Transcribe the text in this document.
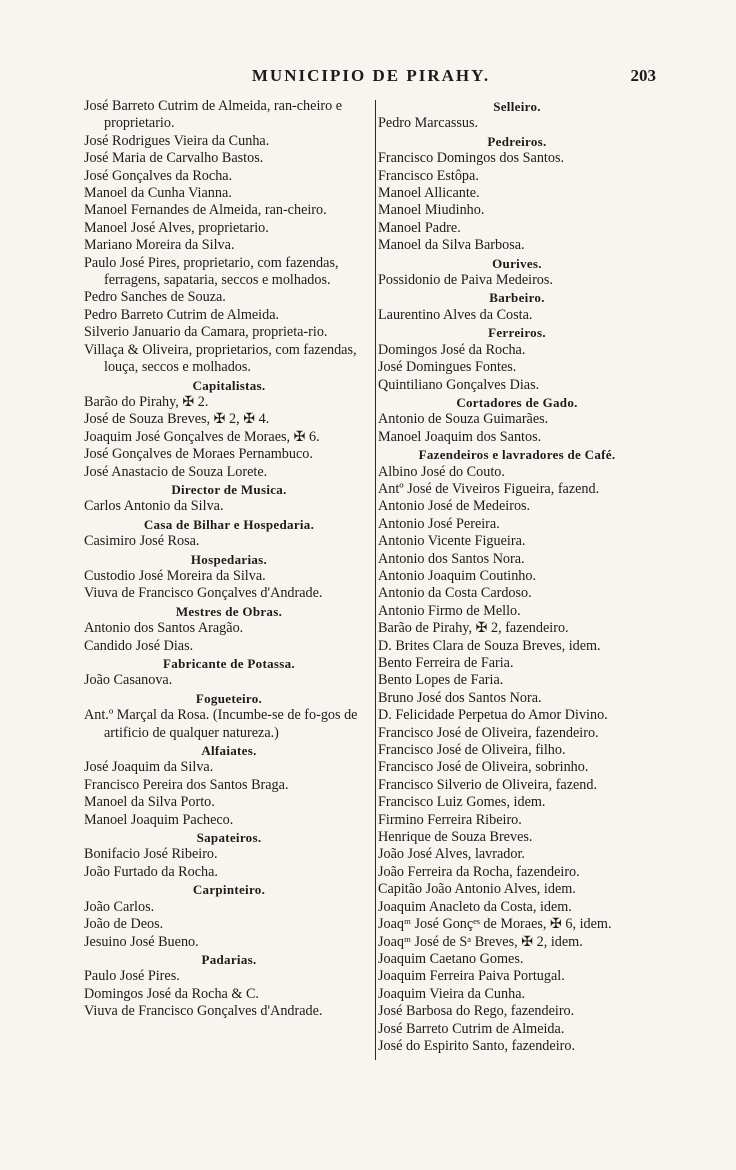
MUNICIPIO DE PIRAHY.	203
José Barreto Cutrim de Almeida, ran-cheiro e proprietario.
José Rodrigues Vieira da Cunha.
José Maria de Carvalho Bastos.
José Gonçalves da Rocha.
Manoel da Cunha Vianna.
Manoel Fernandes de Almeida, ran-cheiro.
Manoel José Alves, proprietario.
Mariano Moreira da Silva.
Paulo José Pires, proprietario, com fazendas, ferragens, sapataria, seccos e molhados.
Pedro Sanches de Souza.
Pedro Barreto Cutrim de Almeida.
Silverio Januario da Camara, proprieta-rio.
Villaça & Oliveira, proprietarios, com fazendas, louça, seccos e molhados.
Capitalistas.
Barão do Pirahy, ✠ 2.
José de Souza Breves, ✠ 2, ✠ 4.
Joaquim José Gonçalves de Moraes, ✠ 6.
José Gonçalves de Moraes Pernambuco.
José Anastacio de Souza Lorete.
Director de Musica.
Carlos Antonio da Silva.
Casa de Bilhar e Hospedaria.
Casimiro José Rosa.
Hospedarias.
Custodio José Moreira da Silva.
Viuva de Francisco Gonçalves d'Andrade.
Mestres de Obras.
Antonio dos Santos Aragão.
Candido José Dias.
Fabricante de Potassa.
João Casanova.
Fogueteiro.
Ant.º Marçal da Rosa. (Incumbe-se de fo-gos de artificio de qualquer natureza.)
Alfaiates.
José Joaquim da Silva.
Francisco Pereira dos Santos Braga.
Manoel da Silva Porto.
Manoel Joaquim Pacheco.
Sapateiros.
Bonifacio José Ribeiro.
João Furtado da Rocha.
Carpinteiro.
João Carlos.
João de Deos.
Jesuino José Bueno.
Padarias.
Paulo José Pires.
Domingos José da Rocha & C.
Viuva de Francisco Gonçalves d'Andrade.
Selleiro.
Pedro Marcassus.
Pedreiros.
Francisco Domingos dos Santos.
Francisco Estôpa.
Manoel Allicante.
Manoel Miudinho.
Manoel Padre.
Manoel da Silva Barbosa.
Ourives.
Possidonio de Paiva Medeiros.
Barbeiro.
Laurentino Alves da Costa.
Ferreiros.
Domingos José da Rocha.
José Domingues Fontes.
Quintiliano Gonçalves Dias.
Cortadores de Gado.
Antonio de Souza Guimarães.
Manoel Joaquim dos Santos.
Fazendeiros e lavradores de Café.
Albino José do Couto.
Antº José de Viveiros Figueira, fazend.
Antonio José de Medeiros.
Antonio José Pereira.
Antonio Vicente Figueira.
Antonio dos Santos Nora.
Antonio Joaquim Coutinho.
Antonio da Costa Cardoso.
Antonio Firmo de Mello.
Barão de Pirahy, ✠ 2, fazendeiro.
D. Brites Clara de Souza Breves, idem.
Bento Ferreira de Faria.
Bento Lopes de Faria.
Bruno José dos Santos Nora.
D. Felicidade Perpetua do Amor Divino.
Francisco José de Oliveira, fazendeiro.
Francisco José de Oliveira, filho.
Francisco José de Oliveira, sobrinho.
Francisco Silverio de Oliveira, fazend.
Francisco Luiz Gomes, idem.
Firmino Ferreira Ribeiro.
Henrique de Souza Breves.
João José Alves, lavrador.
João Ferreira da Rocha, fazendeiro.
Capitão João Antonio Alves, idem.
Joaquim Anacleto da Costa, idem.
Joaqᵐ José Gonçᵉˢ de Moraes, ✠ 6, idem.
Joaqᵐ José de Sᵃ Breves, ✠ 2, idem.
Joaquim Caetano Gomes.
Joaquim Ferreira Paiva Portugal.
Joaquim Vieira da Cunha.
José Barbosa do Rego, fazendeiro.
José Barreto Cutrim de Almeida.
José do Espirito Santo, fazendeiro.
